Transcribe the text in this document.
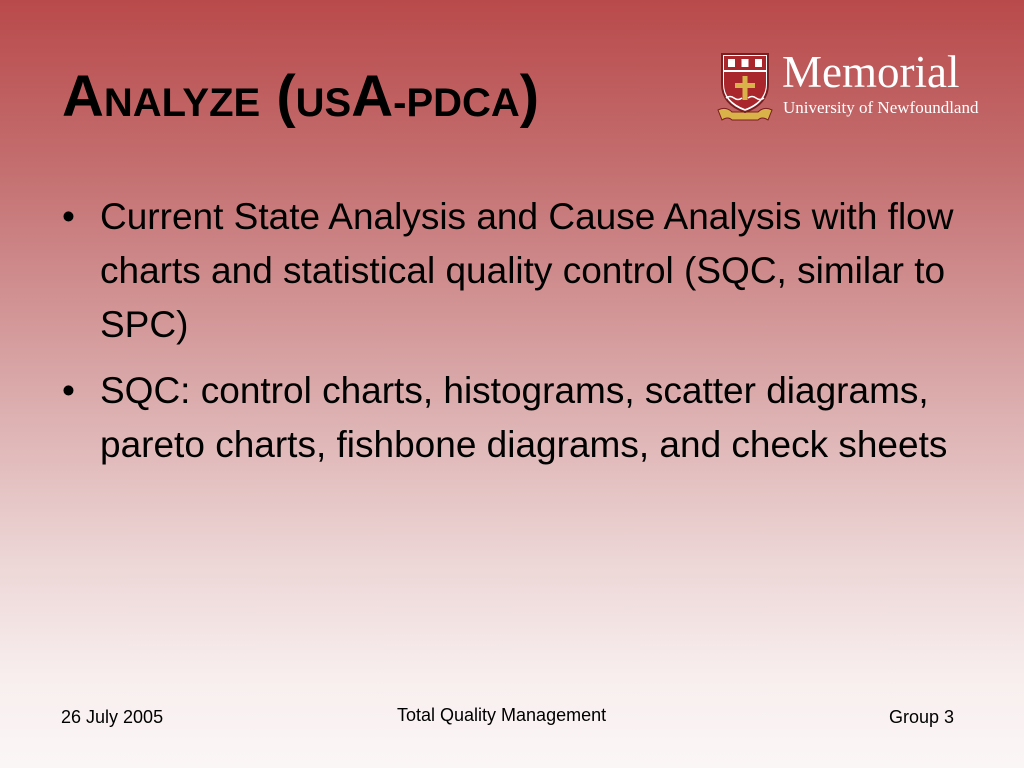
ANALYZE (USA-PDCA)	Memorial
University of Newfoundland
• Current State Analysis and Cause Analysis with flow charts and statistical quality control (SQC, similar to SPC)
• SQC: control charts, histograms, scatter diagrams, pareto charts, fishbone diagrams, and check sheets
26 July 2005	Total Quality Management	Group 3
